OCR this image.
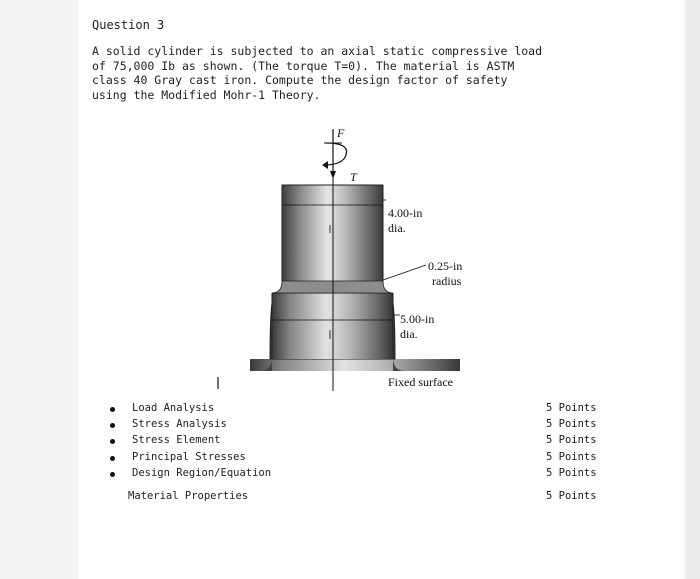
Question 3
A solid cylinder is subjected to an axial static compressive load
of 75,000 Ib as shown. (The torque T=0). The material is ASTM
class 40 Gray cast iron. Compute the design factor of safety
using the Modified Mohr-1 Theory.
F
T
4.00-in
dia.
0.25-in
radius
5.00-in
dia.
Fixed surface
Load Analysis	5 Points
Stress Analysis	5 Points
Stress Element	5 Points
Principal Stresses	5 Points
Design Region/Equation	5 Points
Material Properties	5 Points
